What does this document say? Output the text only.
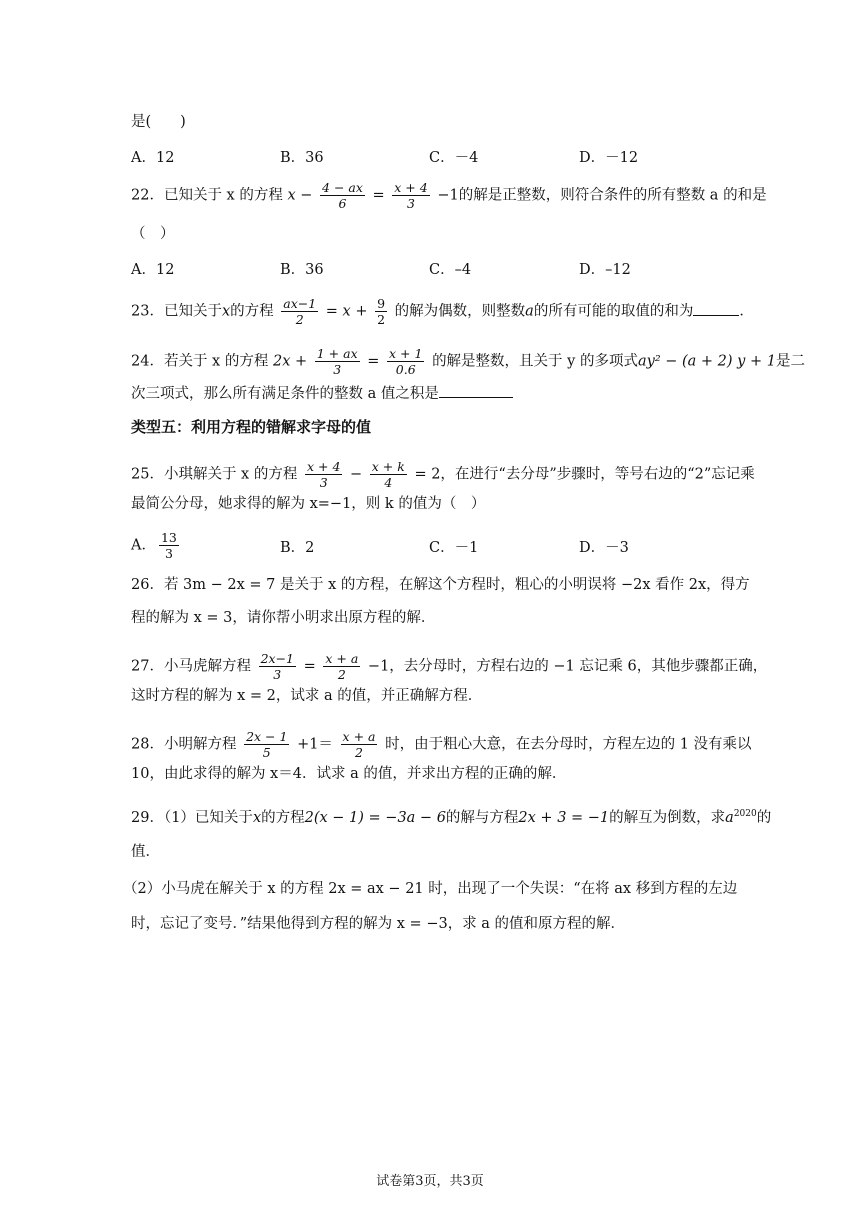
是(　　)
A．12	B．36	C．－4	D．－12
22．已知关于 x 的方程 $x - \frac{4 - ax}{6} = \frac{x + 4}{3} -1$的解是正整数，则符合条件的所有整数 a 的和是
（　）
A．12	B．36	C．–4	D．–12
23．已知关于x的方程 $\frac{ax-1}{2} = x + \frac{9}{2}$ 的解为偶数，则整数a的所有可能的取值的和为	．
24．若关于 x 的方程 $2x + \frac{1 + ax}{3} = \frac{x + 1}{0.6}$ 的解是整数，且关于 y 的多项式ay² − (a + 2) y + 1是二
次三项式，那么所有满足条件的整数 a 值之积是
类型五：利用方程的错解求字母的值
25．小琪解关于 x 的方程 $\frac{x + 4}{3} - \frac{x + k}{4} = 2$，在进行“去分母”步骤时，等号右边的“2”忘记乘
最简公分母，她求得的解为 x=−1，则 k 的值为（　）
A． $\frac{13}{3}$	B．2	C．－1	D．－3
26．若 3m − 2x = 7 是关于 x 的方程，在解这个方程时，粗心的小明误将 −2x 看作 2x，得方
程的解为 x = 3，请你帮小明求出原方程的解．
27．小马虎解方程 $\frac{2x-1}{3} = \frac{x + a}{2} -1$，去分母时，方程右边的 −1 忘记乘 6，其他步骤都正确，
这时方程的解为 x = 2，试求 a 的值，并正确解方程．
28．小明解方程 $\frac{2x - 1}{5} +1= \frac{x + a}{2}$ 时，由于粗心大意，在去分母时，方程左边的 1 没有乘以
10，由此求得的解为 x＝4．试求 a 的值，并求出方程的正确的解．
29．（1）已知关于x的方程2(x − 1) = −3a − 6的解与方程2x + 3 = −1的解互为倒数，求$a^{2020}$的
值．
（2）小马虎在解关于 x 的方程 2x = ax − 21 时，出现了一个失误：“在将 ax 移到方程的左边
时，忘记了变号．”结果他得到方程的解为 x = −3，求 a 的值和原方程的解．
试卷第3页，共3页
